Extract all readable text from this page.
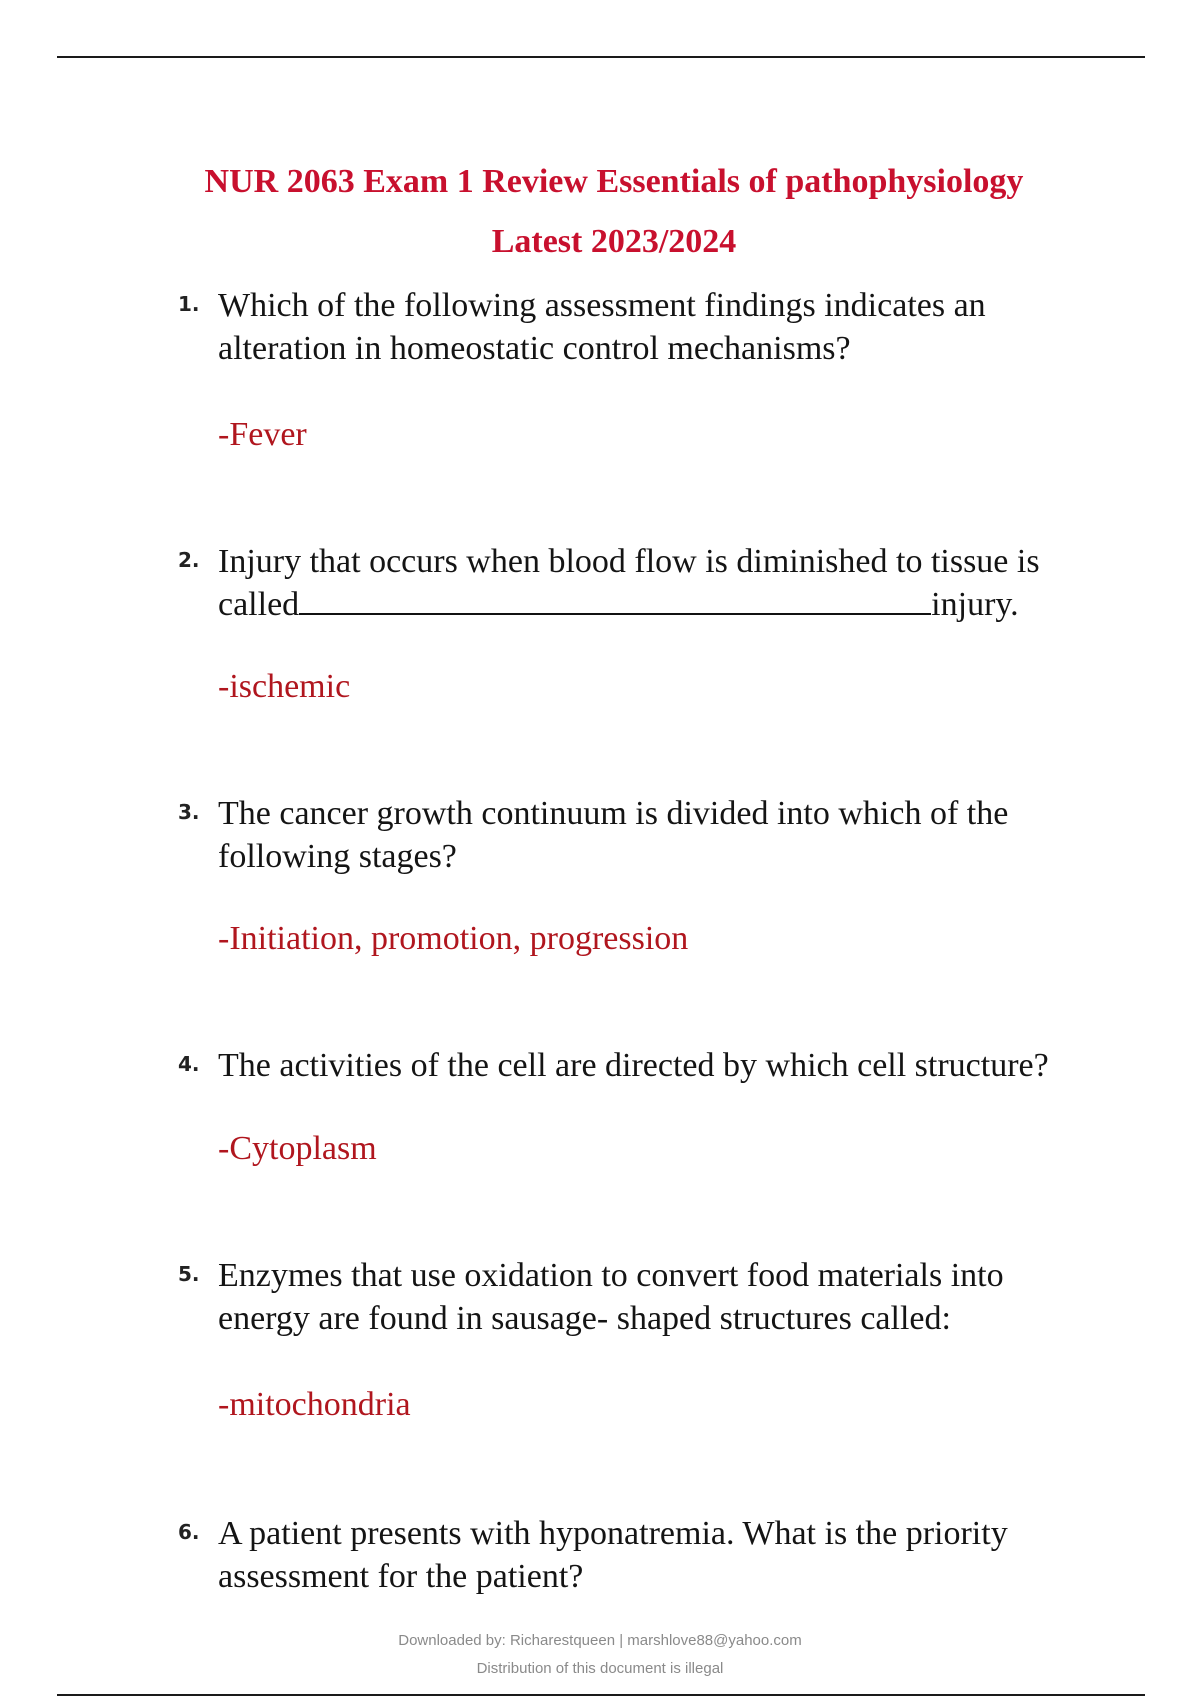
NUR 2063 Exam 1 Review Essentials of pathophysiology
Latest 2023/2024
1. Which of the following assessment findings indicates an alteration in homeostatic control mechanisms?
-Fever
2. Injury that occurs when blood flow is diminished to tissue is called	injury.
-ischemic
3. The cancer growth continuum is divided into which of the following stages?
-Initiation, promotion, progression
4. The activities of the cell are directed by which cell structure?
-Cytoplasm
5. Enzymes that use oxidation to convert food materials into energy are found in sausage- shaped structures called:
-mitochondria
6. A patient presents with hyponatremia. What is the priority assessment for the patient?
Downloaded by: Richarestqueen | marshlove88@yahoo.com
Distribution of this document is illegal
